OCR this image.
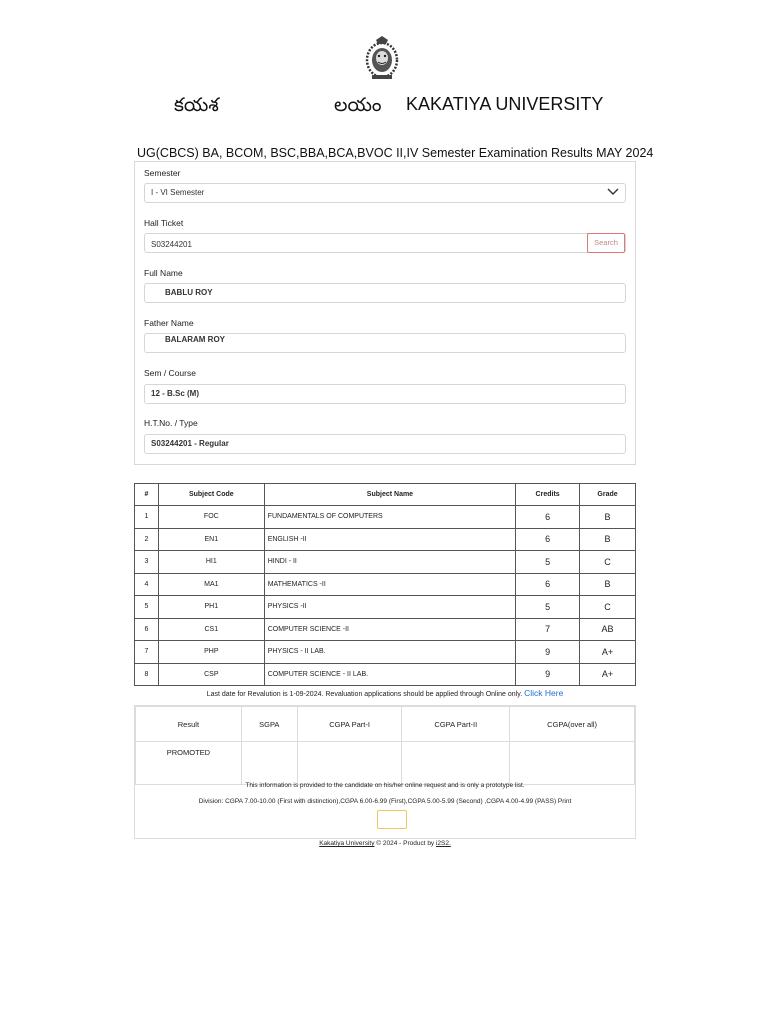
కయశ	లయం KAKATIYA UNIVERSITY
UG(CBCS) BA, BCOM, BSC,BBA,BCA,BVOC II,IV Semester Examination Results MAY 2024
Semester
I - VI Semester
Hall Ticket
S03244201
Search
Full Name
BABLU ROY
Father Name
BALARAM ROY
Sem / Course
12 - B.Sc (M)
H.T.No. / Type
S03244201 - Regular
#	Subject Code	Subject Name	Credits	Grade
1	FOC	FUNDAMENTALS OF COMPUTERS	6	B
2	EN1	ENGLISH -II	6	B
3	HI1	HINDI - II	5	C
4	MA1	MATHEMATICS -II	6	B
5	PH1	PHYSICS -II	5	C
6	CS1	COMPUTER SCIENCE -II	7	AB
7	PHP	PHYSICS - II LAB.	9	A+
8	CSP	COMPUTER SCIENCE - II LAB.	9	A+
Last date for Revalution is 1-09-2024. Revaluation applications should be applied through Online only. Click Here
Result	SGPA	CGPA Part-I	CGPA Part-II	CGPA(over all)
PROMOTED				
This information is provided to the candidate on his/her online request and is only a prototype list.
Division: CGPA 7.00-10.00 (First with distinction),CGPA 6.00-6.99 (First),CGPA 5.00-5.99 (Second) ,CGPA 4.00-4.99 (PASS) Print
Kakatiya University © 2024 - Product by i2S2.
